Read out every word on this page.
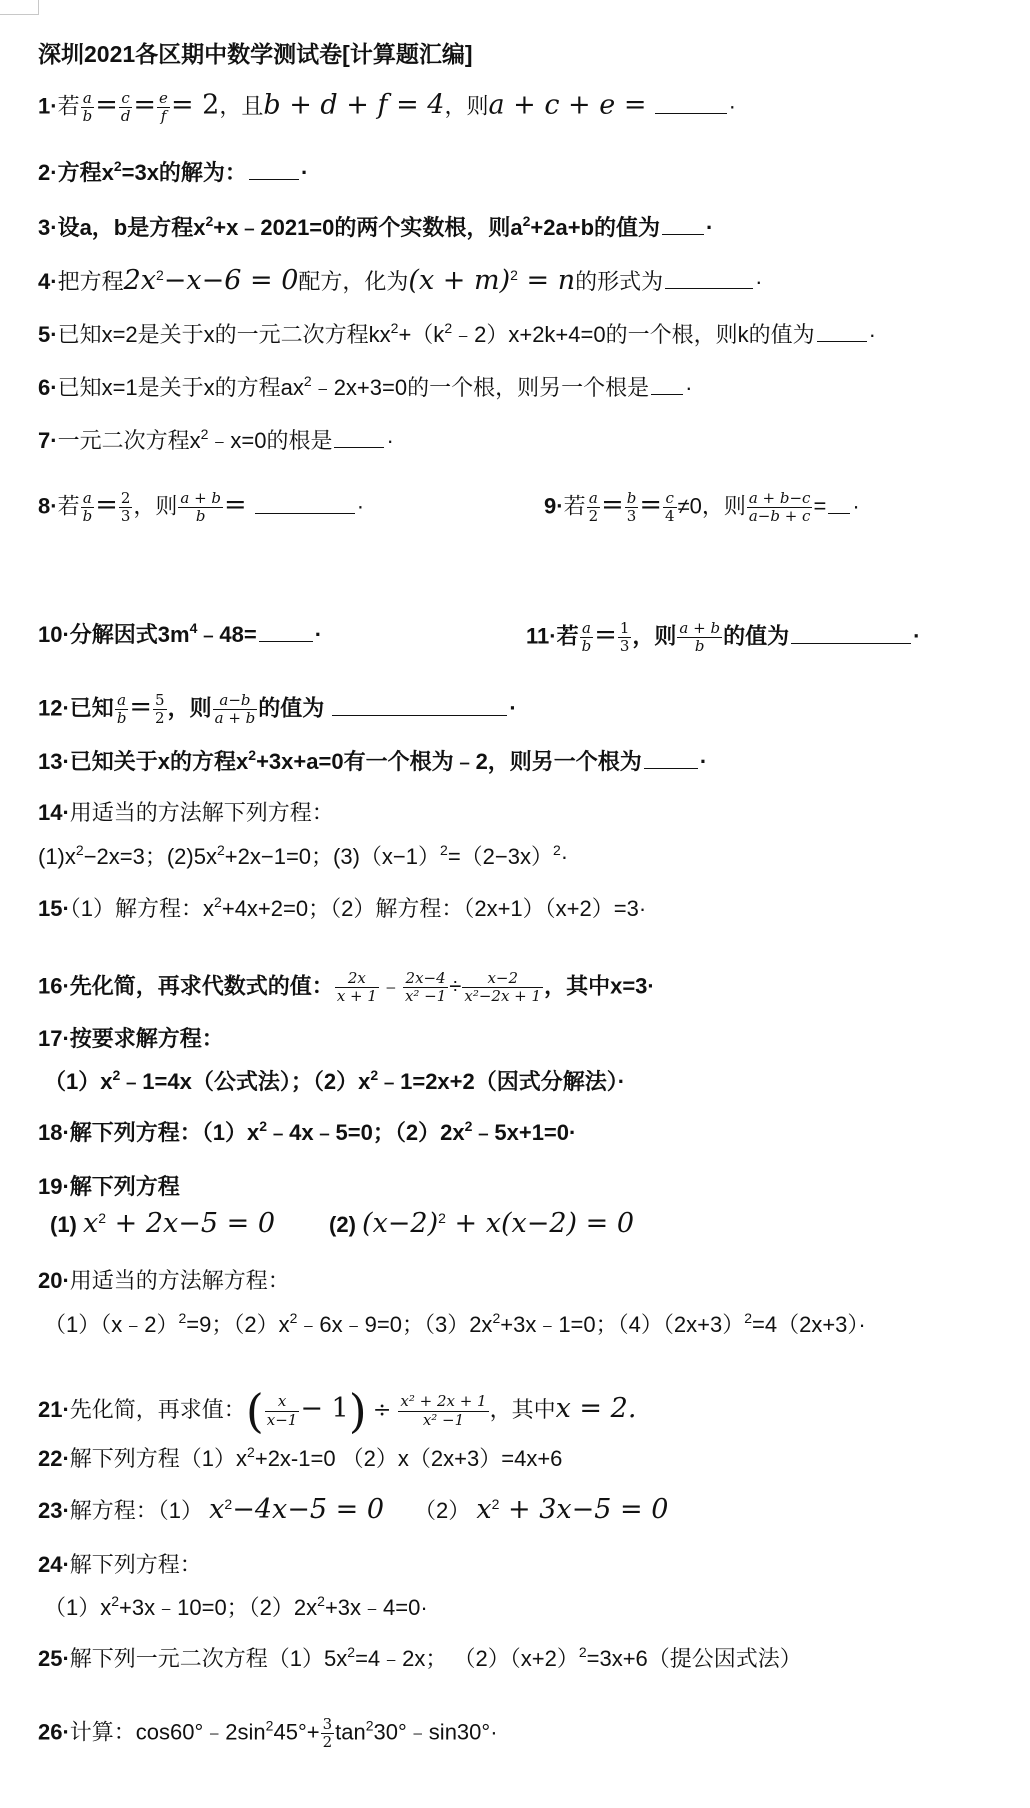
深圳2021各区期中数学测试卷[计算题汇编]
1·若 $\frac{a}{b} = \frac{c}{d} = \frac{e}{f} = 2$，且b + d + f = 4，则a + c + e =	·
2·方程$x^2=3x$的解为： ·
3·设a，b是方程$x^2+x﹣2021=0$的两个实数根，则$a^2+2a+b$的值为 ·
4·把方程$2x^2-x-6 = 0$配方，化为$(x + m)^2 = n$的形式为	·
5·已知x=2是关于x的一元二次方程$kx^2+(k^2﹣2)x+2k+4=0$的一个根，则k的值为 ·
6·已知x=1是关于x的方程$ax^2﹣2x+3=0$的一个根，则另一个根是 ·
7·一元二次方程$x^2﹣x=0$的根是 ·
8·若 $\frac{a}{b} = \frac{2}{3}$ ，则 $\frac{a + b}{b}$ =	·	9·若 $\frac{a}{2} = \frac{b}{3} = \frac{c}{4} \ne 0$，则 $\frac{a + b-c}{a-b + c}$ = ·
10·分解因式$3m^4﹣48=$	·	11·若 $\frac{a}{b} = \frac{1}{3}$ ，则 $\frac{a + b}{b}$ 的值为	·
12·已知 $\frac{a}{b} = \frac{5}{2}$ ，则 $\frac{a-b}{a + b}$ 的值为	·
13·已知关于x的方程$x^2+3x+a=0$有一个根为﹣2，则另一个根为	·
14·用适当的方法解下列方程：
$(1)x^2-2x=3$；$(2)5x^2+2x-1=0$；$(3)(x-1)^2=(2-3x)^2\cdot$
15·（1）解方程：$x^2+4x+2=0$；（2）解方程：（2x+1）（x+2）=3·
16·先化简，再求代数式的值： $\frac{2x}{x + 1}$ ﹣ $\frac{2x-4}{\text{x² −1}} \div \frac{x-2}{\text{x²−2x + 1}}$ ，其中x=3·
17·按要求解方程：
$(1)x^2﹣1=4x$（公式法）；$(2)x^2﹣1=2x+2$（因式分解法）·
18·解下列方程：$(1)x^2﹣4x﹣5=0$；$(2)2x^2﹣5x+1=0\cdot$
19·解下列方程
(1) $x^2 + 2x-5 = 0$ (2) $(x-2)^2 + x(x-2) = 0$
20·用适当的方法解方程：
（1）（x﹣2）$^2$=9；$(2)x^2﹣6x﹣9=0$；$(3)2x^2+3x﹣1=0$；$(4)(2x+3)^2=4(2x+3)\cdot$
21·先化简，再求值：( $\frac{x}{x-1} - 1) \div \frac{\text{x² + 2x + 1}}{\text{x² −1}}$ ，其中x = 2.
22·解下列方程$(1)x^2+2x-1=0$ （2）x（2x+3）=4x+6
23·解方程：（1） $x^2-4x-5 = 0$ （2） $x^2 + 3x-5 = 0$
24·解下列方程：
$(1)x^2+3x﹣10=0$；$(2)2x^2+3x﹣4=0\cdot$
25·解下列一元二次方程$(1)5x^2=4﹣2x$； $(2)(x+2)^2=3x+6$（提公因式法）
26·计算：$\cos 60^\circ﹣2\sin^245^\circ+ \frac{3}{2}$ $\tan^230^\circ﹣\sin 30^\circ\cdot$
